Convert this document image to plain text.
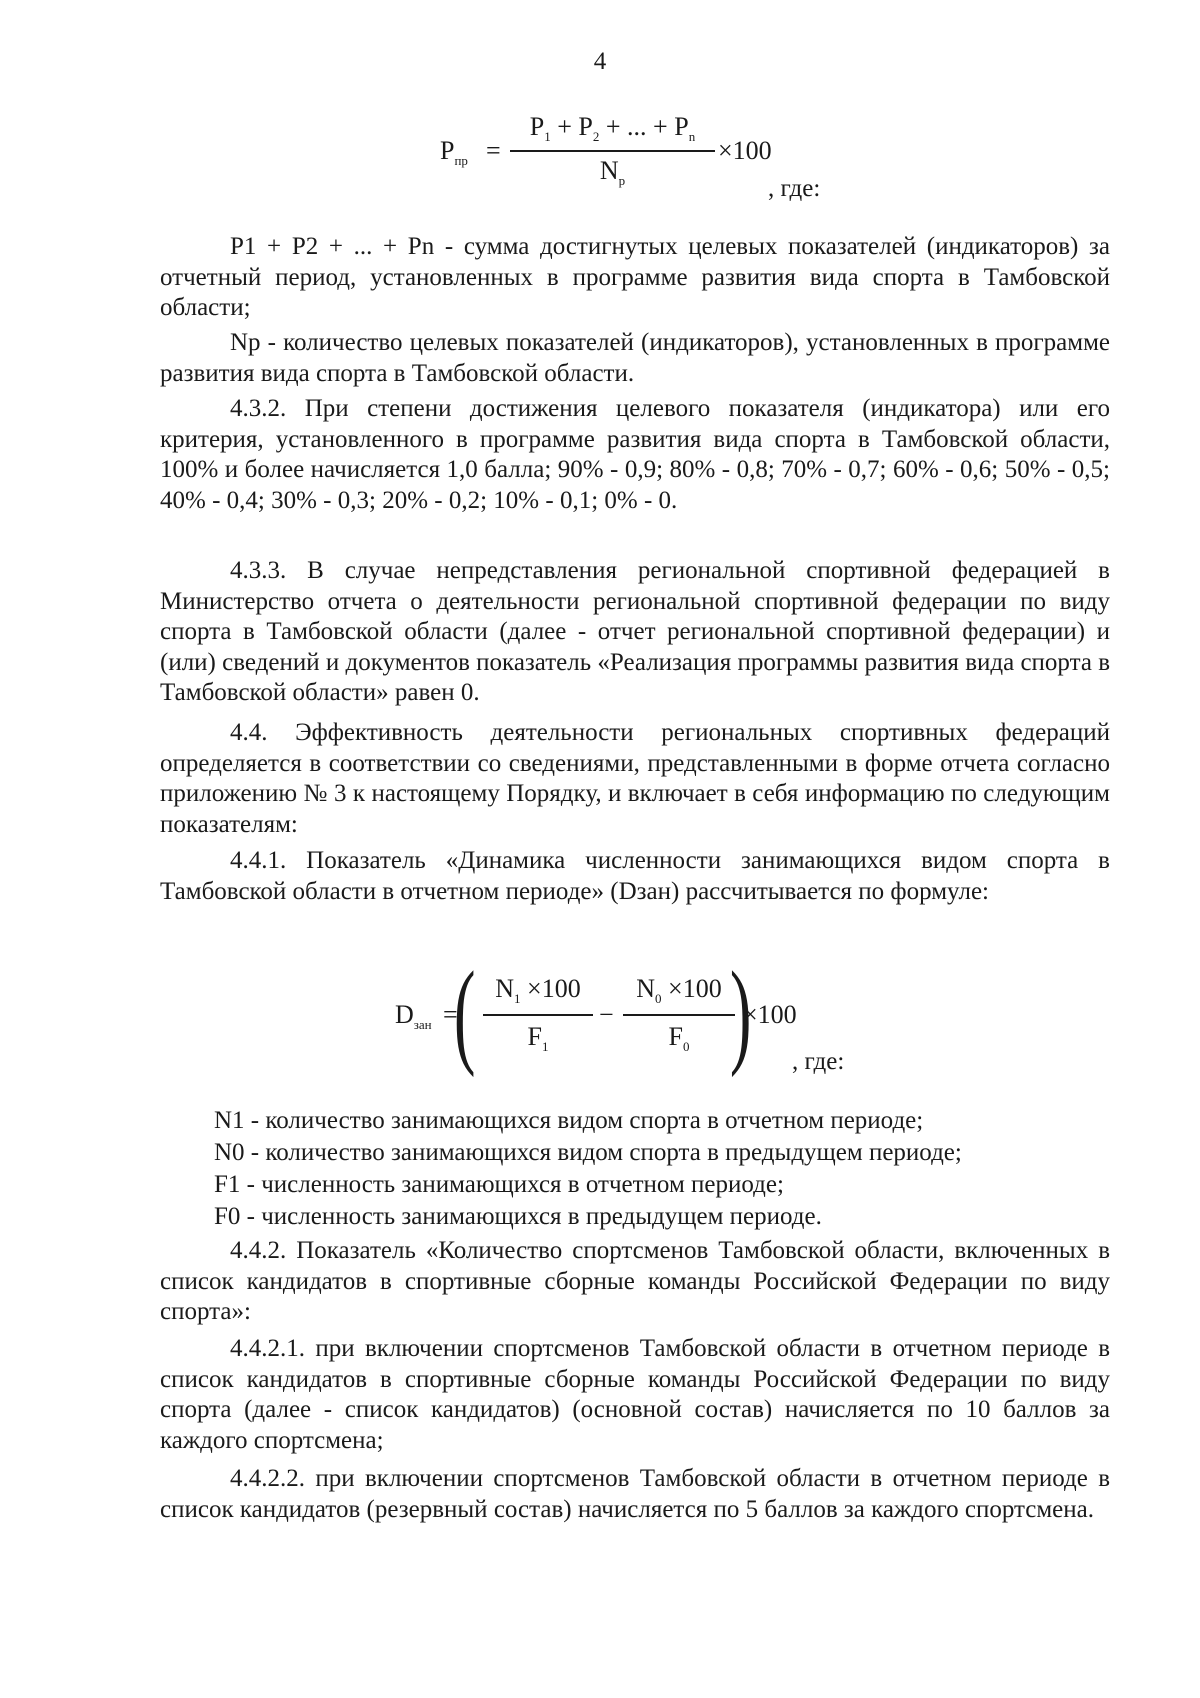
4
$P_{пр}$ =
$P_1 + P_2$ + ... + $P_n$
$N_р$
×100
, где:
P1 + P2 + ... + Pn - сумма достигнутых целевых показателей (индикаторов) за отчетный период, установленных в программе развития вида спорта в Тамбовской области;
Np - количество целевых показателей (индикаторов), установленных в программе развития вида спорта в Тамбовской области.
4.3.2. При степени достижения целевого показателя (индикатора) или его критерия, установленного в программе развития вида спорта в Тамбовской области, 100% и более начисляется 1,0 балла; 90% - 0,9; 80% - 0,8; 70% - 0,7; 60% - 0,6; 50% - 0,5; 40% - 0,4; 30% - 0,3; 20% - 0,2; 10% - 0,1; 0% - 0.
4.3.3. В случае непредставления региональной спортивной федерацией в Министерство отчета о деятельности региональной спортивной федерации по виду спорта в Тамбовской области (далее - отчет региональной спортивной федерации) и (или) сведений и документов показатель «Реализация программы развития вида спорта в Тамбовской области» равен 0.
4.4. Эффективность деятельности региональных спортивных федераций определяется в соответствии со сведениями, представленными в форме отчета согласно приложению № 3 к настоящему Порядку, и включает в себя информацию по следующим показателям:
4.4.1. Показатель «Динамика численности занимающихся видом спорта в Тамбовской области в отчетном периоде» (Dзан) рассчитывается по формуле:
$D_{зан}$ =
( $N_1 \times 100$
$F_1$
−
$N_0 \times 100$
$F_0$ )
×100
, где:
N1 - количество занимающихся видом спорта в отчетном периоде;
N0 - количество занимающихся видом спорта в предыдущем периоде;
F1 - численность занимающихся в отчетном периоде;
F0 - численность занимающихся в предыдущем периоде.
4.4.2. Показатель «Количество спортсменов Тамбовской области, включенных в список кандидатов в спортивные сборные команды Российской Федерации по виду спорта»:
4.4.2.1. при включении спортсменов Тамбовской области в отчетном периоде в список кандидатов в спортивные сборные команды Российской Федерации по виду спорта (далее - список кандидатов) (основной состав) начисляется по 10 баллов за каждого спортсмена;
4.4.2.2. при включении спортсменов Тамбовской области в отчетном периоде в список кандидатов (резервный состав) начисляется по 5 баллов за каждого спортсмена.
